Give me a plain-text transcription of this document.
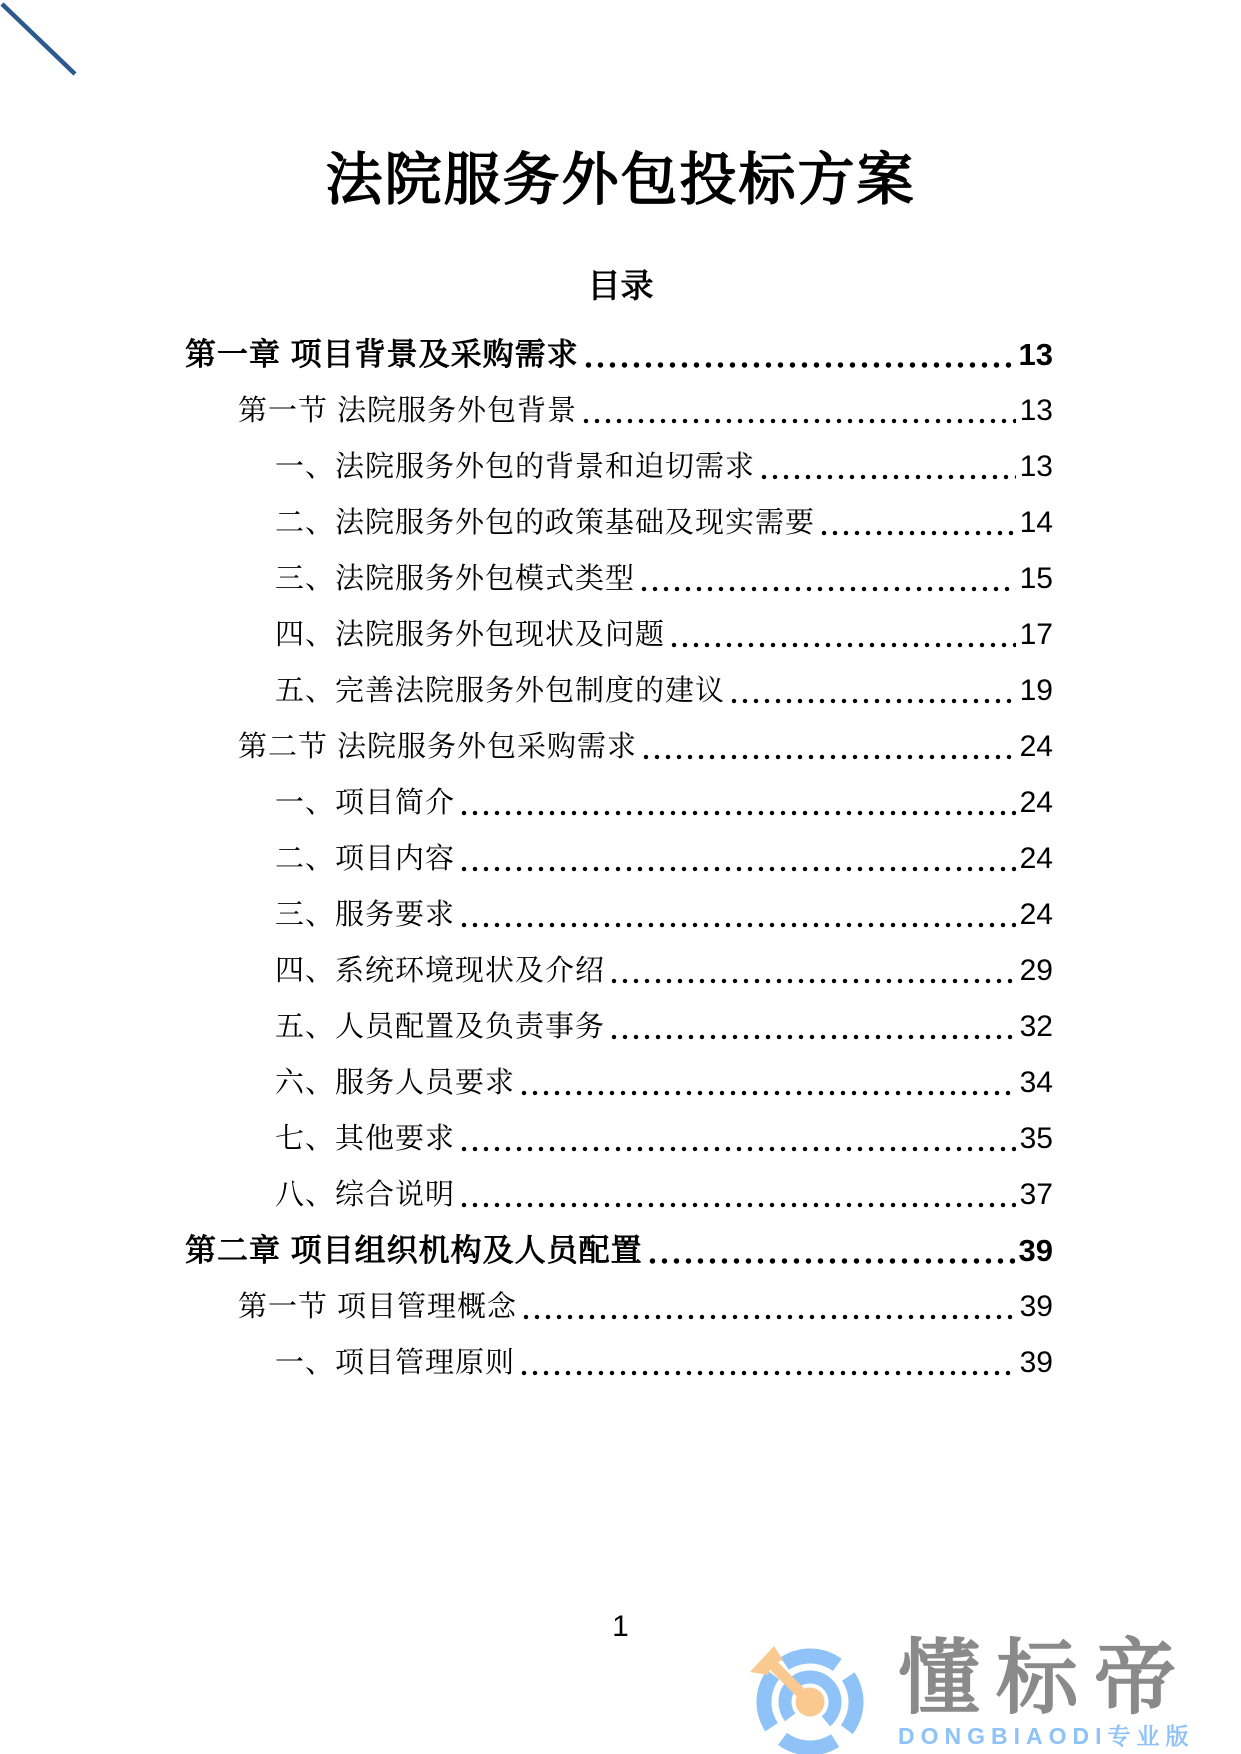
法院服务外包投标方案
目录
第一章 项目背景及采购需求	13
第一节 法院服务外包背景	13
一、法院服务外包的背景和迫切需求	13
二、法院服务外包的政策基础及现实需要	14
三、法院服务外包模式类型	15
四、法院服务外包现状及问题	17
五、完善法院服务外包制度的建议	19
第二节 法院服务外包采购需求	24
一、项目简介	24
二、项目内容	24
三、服务要求	24
四、系统环境现状及介绍	29
五、人员配置及负责事务	32
六、服务人员要求	34
七、其他要求	35
八、综合说明	37
第二章 项目组织机构及人员配置	39
第一节 项目管理概念	39
一、项目管理原则	39
1
懂标帝
DONGBIAODI专业版
